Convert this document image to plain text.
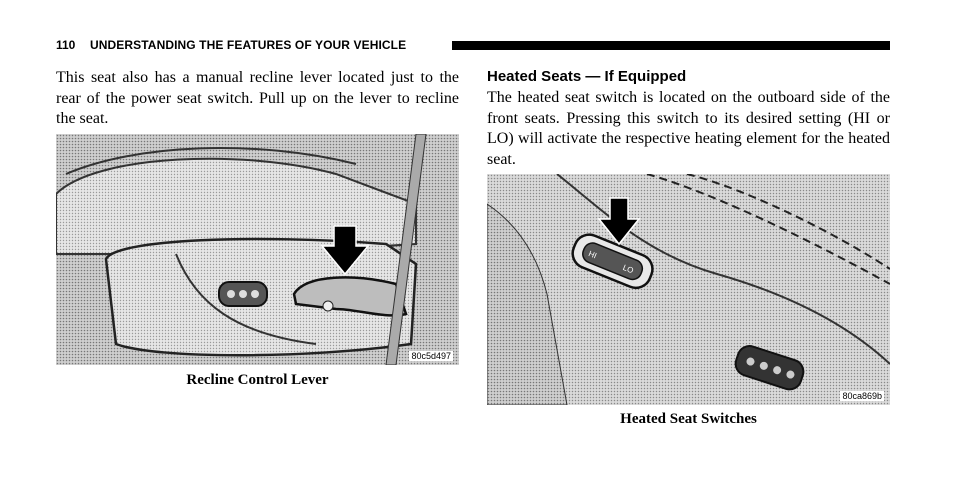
110 UNDERSTANDING THE FEATURES OF YOUR VEHICLE

This seat also has a manual recline lever located just to the rear of the power seat switch. Pull up on the lever to recline the seat.

80c5d497
Recline Control Lever
Heated Seats — If Equipped

The heated seat switch is located on the outboard side of the front seats. Pressing this switch to its desired setting (HI or LO) will activate the respective heating element for the heated seat.

HI
LO
80ca869b
Heated Seat Switches
